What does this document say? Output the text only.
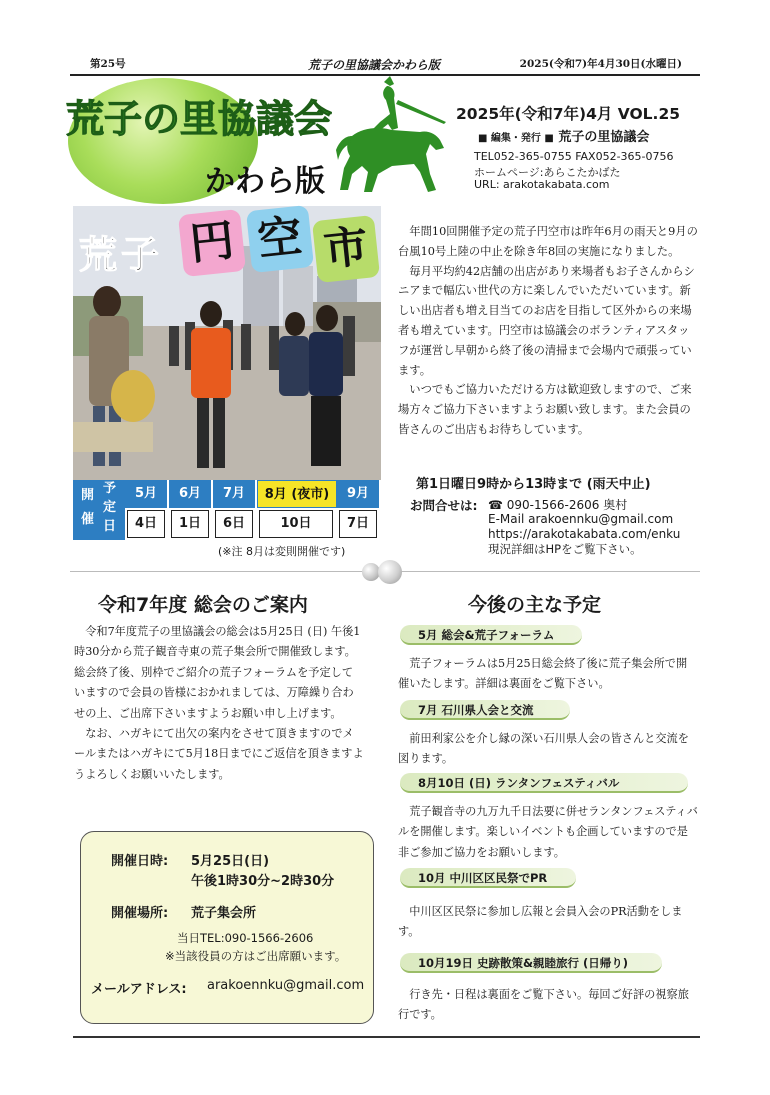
第25号	荒子の里協議会かわら版	2025(令和7)年4月30日(水曜日)
荒子の里協議会
かわら版
2025年(令和7年)4月 VOL.25
■ 編集・発行 ■ 荒子の里協議会
TEL052-365-0755 FAX052-365-0756
ホームページ:あらこたかばた
URL: arakotakabata.com
荒 子 円 空 市
開
催
予
定
日
5月
4日
6月
1日
7月
6日
8月 (夜市)
10日
9月
7日
(※注 8月は変則開催です)

年間10回開催予定の荒子円空市は昨年6月の雨天と9月の台風10号上陸の中止を除き年8回の実施になりました。

毎月平均約42店舗の出店があり来場者もお子さんからシニアまで幅広い世代の方に楽しんでいただいています。新しい出店者も増え目当てのお店を目指して区外からの来場者も増えています。円空市は協議会のボランティアスタッフが運営し早朝から終了後の清掃まで会場内で頑張っています。

いつでもご協力いただける方は歓迎致しますので、ご来場方々ご協力下さいますようお願い致します。また会員の皆さんのご出店もお待ちしています。

第1日曜日9時から13時まで (雨天中止)
お問合せは: ☎ 090-1566-2606 奥村
E-Mail arakoennku@gmail.com
https://arakotakabata.com/enku
現況詳細はHPをご覧下さい。
令和7年度 総会のご案内

令和7年度荒子の里協議会の総会は5月25日 (日) 午後1時30分から荒子観音寺東の荒子集会所で開催致します。総会終了後、別枠でご紹介の荒子フォーラムを予定していますので会員の皆様におかれましては、万障繰り合わせの上、ご出席下さいますようお願い申し上げます。

なお、ハガキにて出欠の案内をさせて頂きますのでメールまたはハガキにて5月18日までにご返信を頂きますようよろしくお願いいたします。

開催日時: 5月25日(日)
午後1時30分~2時30分
開催場所: 荒子集会所
当日TEL:090-1566-2606
※当該役員の方はご出席願います。
メールアドレス: arakoennku@gmail.com
今後の主な予定
5月 総会&荒子フォーラム

荒子フォーラムは5月25日総会終了後に荒子集会所で開催いたします。詳細は裏面をご覧下さい。

7月 石川県人会と交流

前田利家公を介し縁の深い石川県人会の皆さんと交流を図ります。

8月10日 (日) ランタンフェスティバル

荒子観音寺の九万九千日法要に併せランタンフェスティバルを開催します。楽しいイベントも企画していますので是非ご参加ご協力をお願いします。

10月 中川区区民祭でPR

中川区区民祭に参加し広報と会員入会のPR活動をします。

10月19日 史跡散策&親睦旅行 (日帰り)

行き先・日程は裏面をご覧下さい。毎回ご好評の視察旅行です。
